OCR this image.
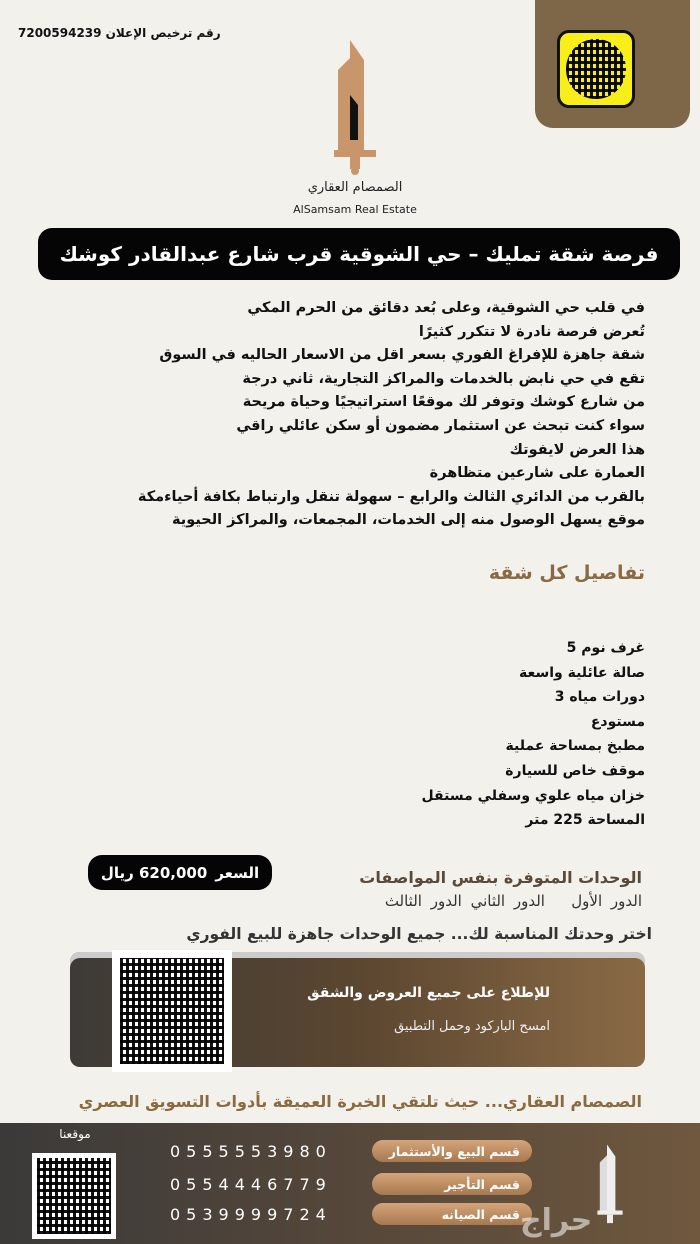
رقم ترخيص الإعلان 7200594239
الصمصام العقاري
AlSamsam Real Estate
فرصة شقة تمليك – حي الشوقية قرب شارع عبدالقادر كوشك
في قلب حي الشوقية، وعلى بُعد دقائق من الحرم المكي
تُعرض فرصة نادرة لا تتكرر كثيرًا
شقة جاهزة للإفراغ الفوري بسعر اقل من الاسعار الحاليه في السوق
تقع في حي نابض بالخدمات والمراكز التجارية، ثاني درجة
من شارع كوشك وتوفر لك موقعًا استراتيجيًا وحياة مريحة
سواء كنت تبحث عن استثمار مضمون أو سكن عائلي راقي
هذا العرض لايفوتك
العمارة على شارعين متظاهرة
بالقرب من الدائري الثالث والرابع – سهولة تنقل وارتباط بكافة أحياءمكة
موقع يسهل الوصول منه إلى الخدمات، المجمعات، والمراكز الحيوية
تفاصيل كل شقة
غرف نوم 5
صالة عائلية واسعة
دورات مياه 3
مستودع
مطبخ بمساحة عملية
موقف خاص للسيارة
خزان مياه علوي وسفلي مستقل
المساحة 225 متر
السعر
620,000 ريال	الوحدات المتوفرة بنفس المواصفات
الدور الأول   الدور الثاني الدور الثالث
اختر وحدتك المناسبة لك... جميع الوحدات جاهزة للبيع الفوري
للإطلاع على جميع العروض والشقق
امسح الباركود وحمل التطبيق
الصمصام العقاري... حيث تلتقي الخبرة العميقة بأدوات التسويق العصري
موقعنا
0555553980	قسم البيع والأستثمار
0554446779	قسم التأجير
0539999724	قسم الصيانه حراج
